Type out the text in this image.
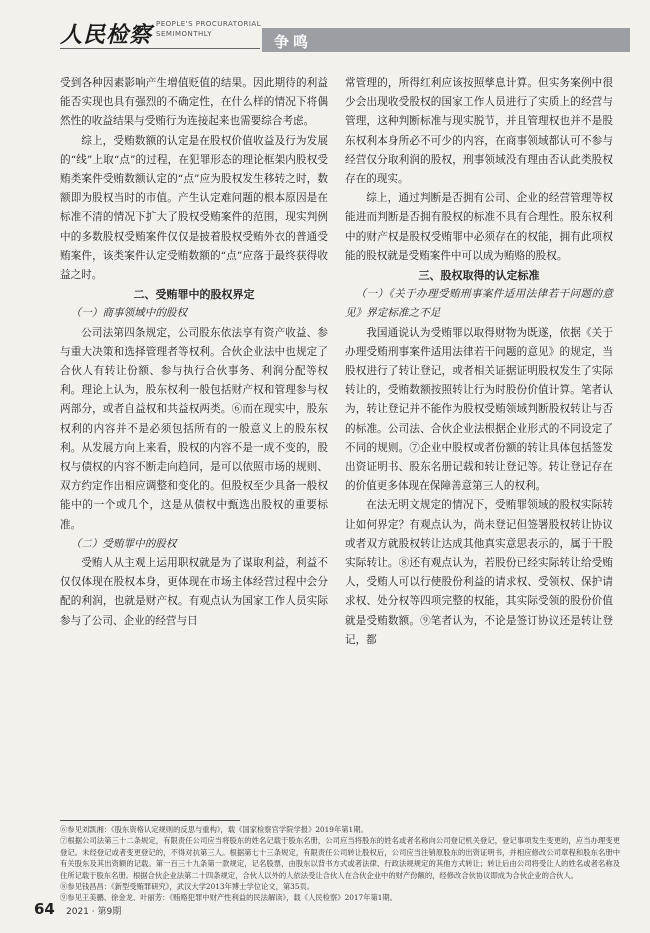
人民检察 PEOPLE'S PROCURATORIAL
SEMIMONTHLY	争鸣

受到各种因素影响产生增值贬值的结果。因此期待的利益能否实现也具有强烈的不确定性，在什么样的情况下将偶然性的收益结果与受贿行为连接起来也需要综合考虑。

综上，受贿数额的认定是在股权价值收益及行为发展的“线”上取“点”的过程，在犯罪形态的理论框架内股权受贿类案件受贿数额认定的“点”应为股权发生移转之时，数额即为股权当时的市值。产生认定难问题的根本原因是在标准不清的情况下扩大了股权受贿案件的范围，现实判例中的多数股权受贿案件仅仅是披着股权受贿外衣的普通受贿案件，该类案件认定受贿数额的“点”应落于最终获得收益之时。

二、受贿罪中的股权界定

（一）商事领域中的股权

公司法第四条规定，公司股东依法享有资产收益、参与重大决策和选择管理者等权利。合伙企业法中也规定了合伙人有转让份额、参与执行合伙事务、利润分配等权利。理论上认为，股东权利一般包括财产权和管理参与权两部分，或者自益权和共益权两类。⑥而在现实中，股东权利的内容并不是必须包括所有的一般意义上的股东权利。从发展方向上来看，股权的内容不是一成不变的，股权与债权的内容不断走向趋同，是可以依照市场的规则、双方约定作出相应调整和变化的。但股权至少具备一般权能中的一个或几个，这是从债权中甄选出股权的重要标准。

（二）受贿罪中的股权

受贿人从主观上运用职权就是为了谋取利益，利益不仅仅体现在股权本身，更体现在市场主体经营过程中会分配的利润，也就是财产权。有观点认为国家工作人员实际参与了公司、企业的经营与日

常管理的，所得红利应该按照孳息计算。但实务案例中很少会出现收受股权的国家工作人员进行了实质上的经营与管理，这种判断标准与现实脱节，并且管理权也并不是股东权利本身所必不可少的内容，在商事领域都认可不参与经营仅分取利润的股权，刑事领域没有理由否认此类股权存在的现实。

综上，通过判断是否拥有公司、企业的经营管理等权能进而判断是否拥有股权的标准不具有合理性。股东权利中的财产权是股权受贿罪中必须存在的权能，拥有此项权能的股权就是受贿案件中可以成为贿赂的股权。

三、股权取得的认定标准

（一）《关于办理受贿刑事案件适用法律若干问题的意见》界定标准之不足

我国通说认为受贿罪以取得财物为既遂，依据《关于办理受贿刑事案件适用法律若干问题的意见》的规定，当股权进行了转让登记，或者相关证据证明股权发生了实际转让的，受贿数额按照转让行为时股份价值计算。笔者认为，转让登记并不能作为股权受贿领域判断股权转让与否的标准。公司法、合伙企业法根据企业形式的不同设定了不同的规则。⑦企业中股权或者份额的转让具体包括签发出资证明书、股东名册记载和转让登记等。转让登记存在的价值更多体现在保障善意第三人的权利。

在法无明文规定的情况下，受贿罪领域的股权实际转让如何界定？有观点认为，尚未登记但签署股权转让协议或者双方就股权转让达成其他真实意思表示的，属于干股实际转让。⑧还有观点认为，若股份已经实际转让给受贿人，受贿人可以行使股份利益的请求权、受领权、保护请求权、处分权等四项完整的权能，其实际受领的股份价值就是受贿数额。⑨笔者认为，不论是签订协议还是转让登记，都

⑥参见刘凯湘：《股东资格认定规则的反思与重构》，载《国家检察官学院学报》2019年第1期。

⑦根据公司法第三十二条规定，有限责任公司应当将股东的姓名记载于股东名册，公司应当将股东的姓名或者名称向公司登记机关登记，登记事项发生变更的，应当办理变更登记。未经登记或者变更登记的，不得对抗第三人。根据第七十三条规定，有限责任公司转让股权后，公司应当注销原股东的出资证明书，并相应修改公司章程和股东名册中有关股东及其出资额的记载。第一百三十九条第一款规定，记名股票，由股东以背书方式或者法律、行政法规规定的其他方式转让；转让后由公司将受让人的姓名或者名称及住所记载于股东名册。根据合伙企业法第二十四条规定，合伙人以外的人依法受让合伙人在合伙企业中的财产份额的，经修改合伙协议即成为合伙企业的合伙人。

⑧参见钱昌昌：《新型受贿罪研究》，武汉大学2013年博士学位论文，第35页。

⑨参见王美鹏、徐金龙、叶丽芳：《贿赂犯罪中财产性利益的民法解读》，载《人民检察》2017年第1期。

64 2021 · 第9期
